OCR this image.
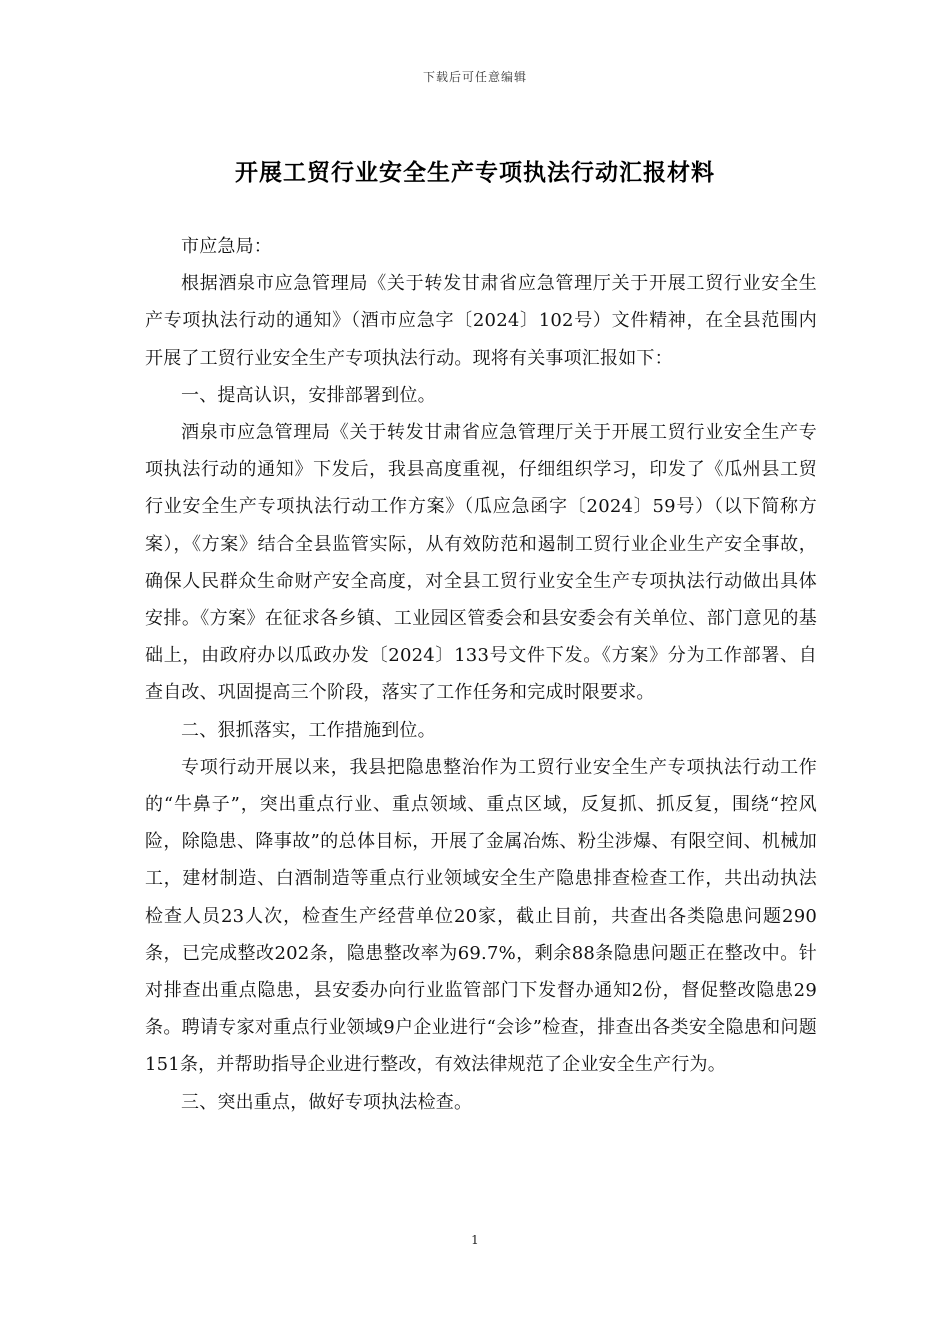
下载后可任意编辑
开展工贸行业安全生产专项执法行动汇报材料

市应急局：

根据酒泉市应急管理局《关于转发甘肃省应急管理厅关于开展工贸行业安全生产专项执法行动的通知》（酒市应急字〔2024〕102号）文件精神，在全县范围内开展了工贸行业安全生产专项执法行动。现将有关事项汇报如下：

一、提高认识，安排部署到位。

酒泉市应急管理局《关于转发甘肃省应急管理厅关于开展工贸行业安全生产专项执法行动的通知》下发后，我县高度重视，仔细组织学习，印发了《瓜州县工贸行业安全生产专项执法行动工作方案》（瓜应急函字〔2024〕59号）（以下简称方案），《方案》结合全县监管实际，从有效防范和遏制工贸行业企业生产安全事故，确保人民群众生命财产安全高度，对全县工贸行业安全生产专项执法行动做出具体安排。《方案》在征求各乡镇、工业园区管委会和县安委会有关单位、部门意见的基础上，由政府办以瓜政办发〔2024〕133号文件下发。《方案》分为工作部署、自查自改、巩固提高三个阶段，落实了工作任务和完成时限要求。

二、狠抓落实，工作措施到位。

专项行动开展以来，我县把隐患整治作为工贸行业安全生产专项执法行动工作的“牛鼻子”，突出重点行业、重点领域、重点区域，反复抓、抓反复，围绕“控风险，除隐患、降事故”的总体目标，开展了金属冶炼、粉尘涉爆、有限空间、机械加工，建材制造、白酒制造等重点行业领域安全生产隐患排查检查工作，共出动执法检查人员23人次，检查生产经营单位20家，截止目前，共查出各类隐患问题290条，已完成整改202条，隐患整改率为69.7%，剩余88条隐患问题正在整改中。针对排查出重点隐患，县安委办向行业监管部门下发督办通知2份，督促整改隐患29条。聘请专家对重点行业领域9户企业进行“会诊”检查，排查出各类安全隐患和问题151条，并帮助指导企业进行整改，有效法律规范了企业安全生产行为。

三、突出重点，做好专项执法检查。

1
